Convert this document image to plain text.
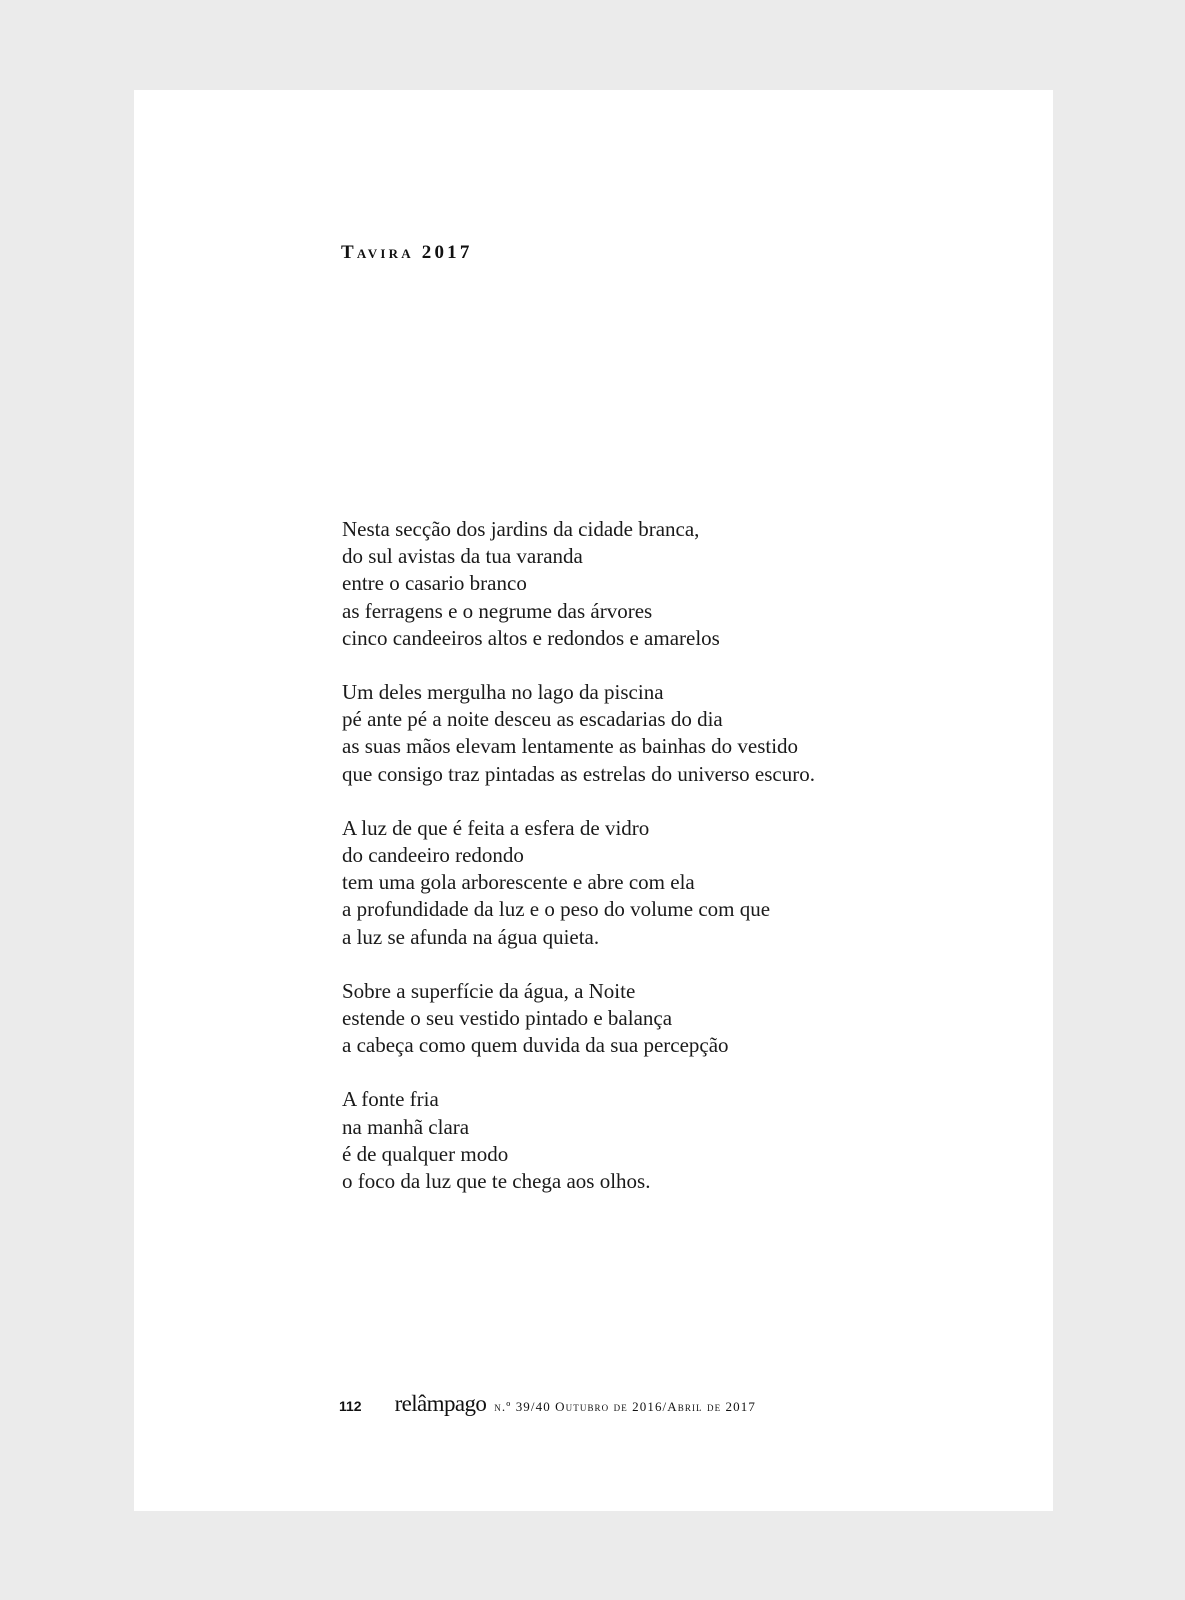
Tavira 2017

Nesta secção dos jardins da cidade branca,
do sul avistas da tua varanda
entre o casario branco
as ferragens e o negrume das árvores
cinco candeeiros altos e redondos e amarelos

Um deles mergulha no lago da piscina
pé ante pé a noite desceu as escadarias do dia
as suas mãos elevam lentamente as bainhas do vestido
que consigo traz pintadas as estrelas do universo escuro.

A luz de que é feita a esfera de vidro
do candeeiro redondo
tem uma gola arborescente e abre com ela
a profundidade da luz e o peso do volume com que
a luz se afunda na água quieta.

Sobre a superfície da água, a Noite
estende o seu vestido pintado e balança
a cabeça como quem duvida da sua percepção

A fonte fria
na manhã clara
é de qualquer modo
o foco da luz que te chega aos olhos.

112 relâmpago n.º 39/40 Outubro de 2016/Abril de 2017
